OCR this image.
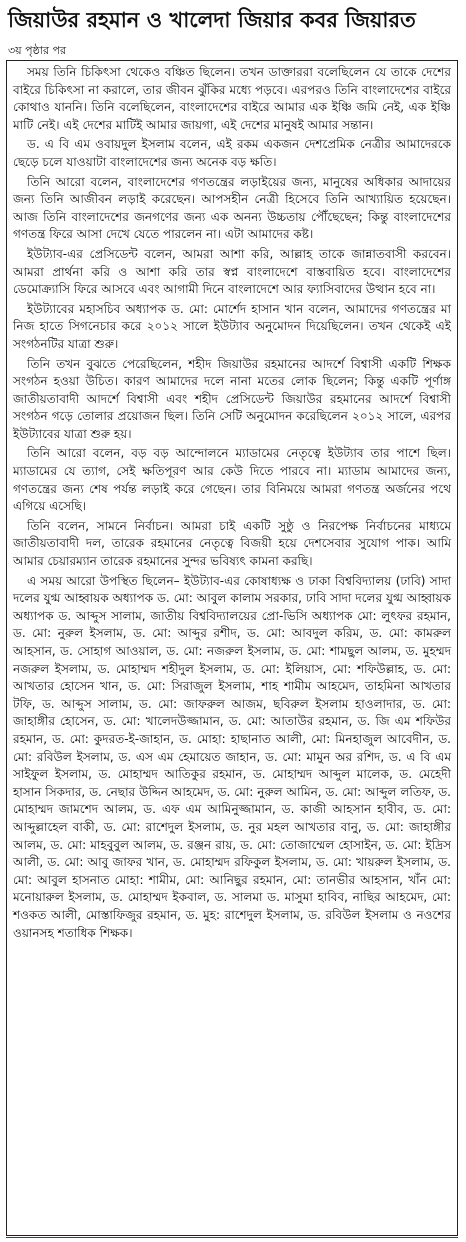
জিয়াউর রহমান ও খালেদা জিয়ার কবর জিয়ারত
৩য় পৃষ্ঠার পর

সময় তিনি চিকিৎসা থেকেও বঞ্চিত ছিলেন। তখন ডাক্তাররা বলেছিলেন যে তাকে দেশের বাইরে চিকিৎসা না করালে, তার জীবন ঝুঁকির মধ্যে পড়বে। এরপরও তিনি বাংলাদেশের বাইরে কোথাও যাননি। তিনি বলেছিলেন, বাংলাদেশের বাইরে আমার এক ইঞ্চি জমি নেই, এক ইঞ্চি মাটি নেই। এই দেশের মাটিই আমার জায়গা, এই দেশের মানুষই আমার সন্তান।

ড. এ বি এম ওবায়দুল ইসলাম বলেন, এই রকম একজন দেশপ্রেমিক নেত্রীর আমাদেরকে ছেড়ে চলে যাওয়াটা বাংলাদেশের জন্য অনেক বড় ক্ষতি।

তিনি আরো বলেন, বাংলাদেশের গণতন্ত্রের লড়াইয়ের জন্য, মানুষের অধিকার আদায়ের জন্য তিনি আজীবন লড়াই করেছেন। আপসহীন নেত্রী হিসেবে তিনি আখ্যায়িত হয়েছেন। আজ তিনি বাংলাদেশের জনগণের জন্য এক অনন্য উচ্চতায় পৌঁছেছেন; কিন্তু বাংলাদেশের গণতন্ত্র ফিরে আসা দেখে যেতে পারলেন না। এটা আমাদের কষ্ট।

ইউট্যাব-এর প্রেসিডেন্ট বলেন, আমরা আশা করি, আল্লাহ তাকে জান্নাতবাসী করবেন। আমরা প্রার্থনা করি ও আশা করি তার স্বপ্ন বাংলাদেশে বাস্তবায়িত হবে। বাংলাদেশের ডেমোক্র্যাসি ফিরে আসবে এবং আগামী দিনে বাংলাদেশে আর ফ্যাসিবাদের উত্থান হবে না।

ইউট্যাবের মহাসচিব অধ্যাপক ড. মো: মোর্শেদ হাসান খান বলেন, আমাদের গণতন্ত্রের মা নিজ হাতে সিগনেচার করে ২০১২ সালে ইউট্যাব অনুমোদন দিয়েছিলেন। তখন থেকেই এই সংগঠনটির যাত্রা শুরু।

তিনি তখন বুঝতে পেরেছিলেন, শহীদ জিয়াউর রহমানের আদর্শে বিশ্বাসী একটি শিক্ষক সংগঠন হওয়া উচিত। কারণ আমাদের দলে নানা মতের লোক ছিলেন; কিন্তু একটি পূর্ণাঙ্গ জাতীয়তাবাদী আদর্শে বিশ্বাসী এবং শহীদ প্রেসিডেন্ট জিয়াউর রহমানের আদর্শে বিশ্বাসী সংগঠন গড়ে তোলার প্রয়োজন ছিল। তিনি সেটি অনুমোদন করেছিলেন ২০১২ সালে, এরপর ইউট্যাবের যাত্রা শুরু হয়।

তিনি আরো বলেন, বড় বড় আন্দোলনে ম্যাডামের নেতৃত্বে ইউট্যাব তার পাশে ছিল। ম্যাডামের যে ত্যাগ, সেই ক্ষতিপূরণ আর কেউ দিতে পারবে না। ম্যাডাম আমাদের জন্য, গণতন্ত্রের জন্য শেষ পর্যন্ত লড়াই করে গেছেন। তার বিনিময়ে আমরা গণতন্ত্র অর্জনের পথে এগিয়ে এসেছি।

তিনি বলেন, সামনে নির্বাচন। আমরা চাই একটি সুষ্ঠু ও নিরপেক্ষ নির্বাচনের মাধ্যমে জাতীয়তাবাদী দল, তারেক রহমানের নেতৃত্বে বিজয়ী হয়ে দেশসেবার সুযোগ পাক। আমি আমার চেয়ারম্যান তারেক রহমানের সুন্দর ভবিষ্যৎ কামনা করছি।

এ সময় আরো উপস্থিত ছিলেন– ইউট্যাব-এর কোষাধ্যক্ষ ও ঢাকা বিশ্ববিদ্যালয় (ঢাবি) সাদা দলের যুগ্ম আহ্বায়ক অধ্যাপক ড. মো: আবুল কালাম সরকার, ঢাবি সাদা দলের যুগ্ম আহ্বায়ক অধ্যাপক ড. আব্দুস সালাম, জাতীয় বিশ্ববিদ্যালয়ের প্রো-ভিসি অধ্যাপক মো: লুৎফর রহমান, ড. মো: নুরুল ইসলাম, ড. মো: আব্দুর রশীদ, ড. মো: আবদুল করিম, ড. মো: কামরুল আহসান, ড. সোহাগ আওয়াল, ড. মো: নজরুল ইসলাম, ড. মো: শামছুল আলম, ড. মুহম্মদ নজরুল ইসলাম, ড. মোহাম্মদ শহীদুল ইসলাম, ড. মো: ইলিয়াস, মো: শফিউল্লাহ, ড. মো: আখতার হোসেন খান, ড. মো: সিরাজুল ইসলাম, শাহ শামীম আহমেদ, তাহমিনা আখতার টফি, ড. আব্দুস সালাম, ড. মো: জাফরুল আজম, ছবিরুল ইসলাম হাওলাদার, ড. মো: জাহাঙ্গীর হোসেন, ড. মো: খালেদউজ্জামান, ড. মো: আতাউর রহমান, ড. জি এম শফিউর রহমান, ড. মো: কুদরত-ই-জাহান, ড. মোহা: হাছানাত আলী, মো: মিনহাজুল আবেদীন, ড. মো: রবিউল ইসলাম, ড. এস এম হেমায়েত জাহান, ড. মো: মামুন অর রশিদ, ড. এ বি এম সাইফুল ইসলাম, ড. মোহাম্মদ আতিকুর রহমান, ড. মোহাম্মদ আব্দুল মালেক, ড. মেহেদী হাসান সিকদার, ড. নেছার উদ্দিন আহমেদ, ড. মো: নুরুল আমিন, ড. মো: আব্দুল লতিফ, ড. মোহাম্মদ জামশেদ আলম, ড. এফ এম আমিনুজ্জামান, ড. কাজী আহসান হাবীব, ড. মো: আব্দুল্লাহেল বাকী, ড. মো: রাশেদুল ইসলাম, ড. নুর মহল আখতার বানু, ড. মো: জাহাঙ্গীর আলম, ড. মো: মাহবুবুল আলম, ড. রঞ্জন রায়, ড. মো: তোজাম্মেল হোসাইন, ড. মো: ইদ্রিস আলী, ড. মো: আবু জাফর খান, ড. মোহাম্মদ রফিকুল ইসলাম, ড. মো: খায়রুল ইসলাম, ড. মো: আবুল হাসনাত মোহা: শামীম, মো: আনিছুর রহমান, মো: তানভীর আহসান, খাঁন মো: মনোয়ারুল ইসলাম, ড. মোহাম্মদ ইকবাল, ড. সালমা ড. মাসুমা হাবিব, নাছির আহমেদ, মো: শওকত আলী, মোস্তাফিজুর রহমান, ড. মুহ: রাশেদুল ইসলাম, ড. রবিউল ইসলাম ও নওশের ওয়ানসহ শতাধিক শিক্ষক।
